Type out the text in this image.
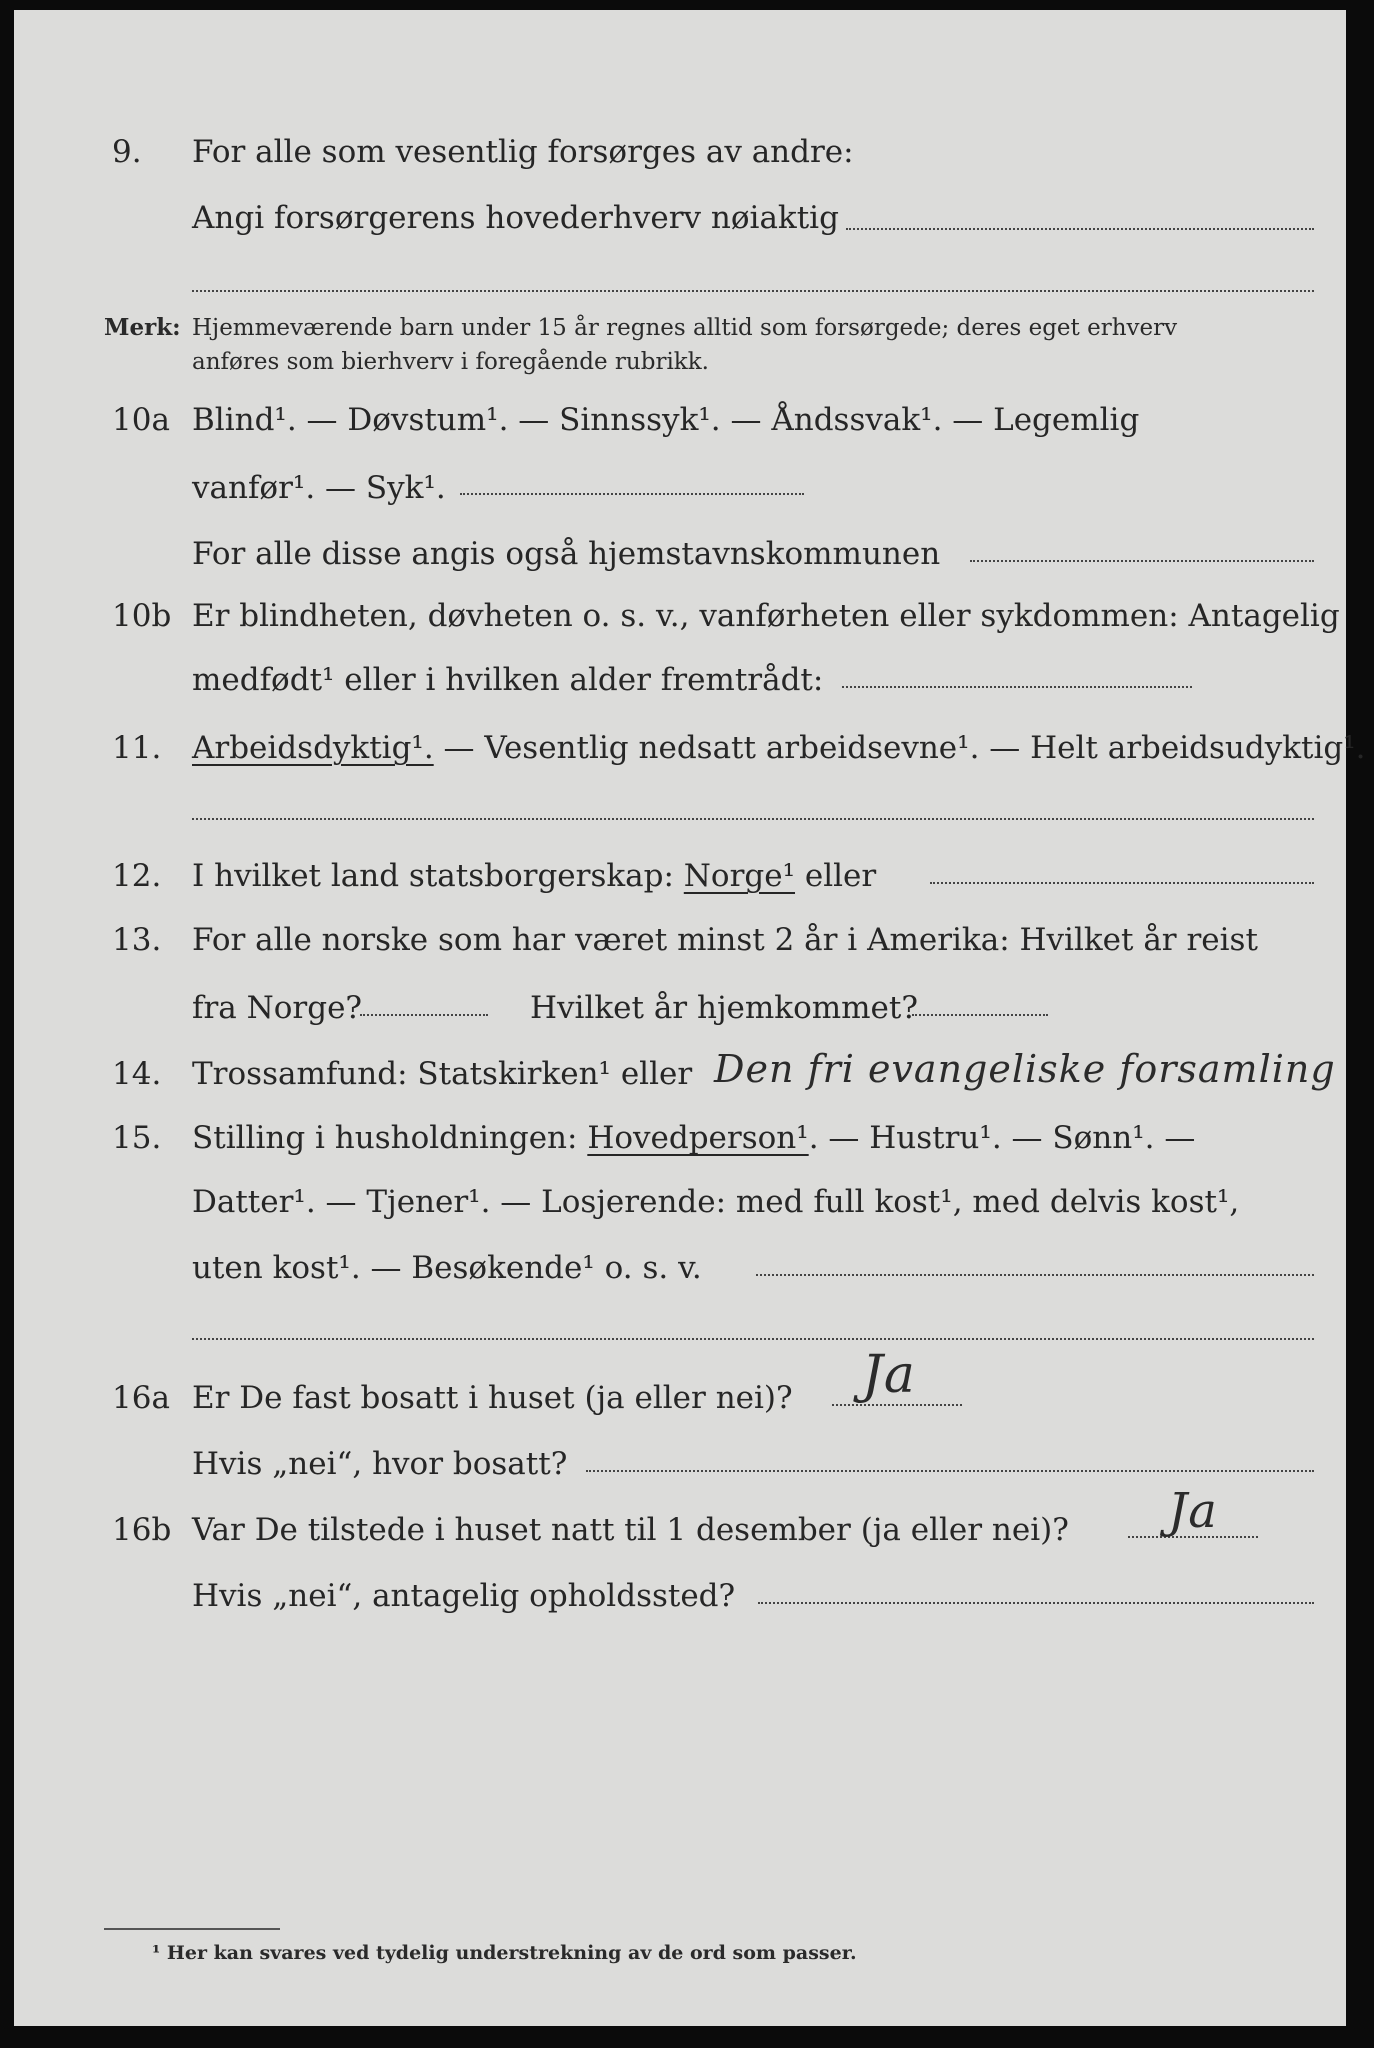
9. For alle som vesentlig forsørges av andre:
Angi forsørgerens hovederhverv nøiaktig
Merk: Hjemmeværende barn under 15 år regnes alltid som forsørgede; deres eget erhverv
anføres som bierhverv i foregående rubrikk.
10a Blind¹. — Døvstum¹. — Sinnssyk¹. — Åndssvak¹. — Legemlig
vanfør¹. — Syk¹.
For alle disse angis også hjemstavnskommunen
10b Er blindheten, døvheten o. s. v., vanførheten eller sykdommen: Antagelig
medfødt¹ eller i hvilken alder fremtrådt:
11. Arbeidsdyktig¹. — Vesentlig nedsatt arbeidsevne¹. — Helt arbeidsudyktig¹.
12. I hvilket land statsborgerskap: Norge¹ eller
13. For alle norske som har været minst 2 år i Amerika: Hvilket år reist
fra Norge?	Hvilket år hjemkommet?
14. Trossamfund: Statskirken¹ eller Den fri evangeliske forsamling
15. Stilling i husholdningen: Hovedperson¹. — Hustru¹. — Sønn¹. —
Datter¹. — Tjener¹. — Losjerende: med full kost¹, med delvis kost¹,
uten kost¹. — Besøkende¹ o. s. v.
16a Er De fast bosatt i huset (ja eller nei)? Ja
Hvis „nei“, hvor bosatt?
16b Var De tilstede i huset natt til 1 desember (ja eller nei)? Ja
Hvis „nei“, antagelig opholdssted?
¹ Her kan svares ved tydelig understrekning av de ord som passer.
